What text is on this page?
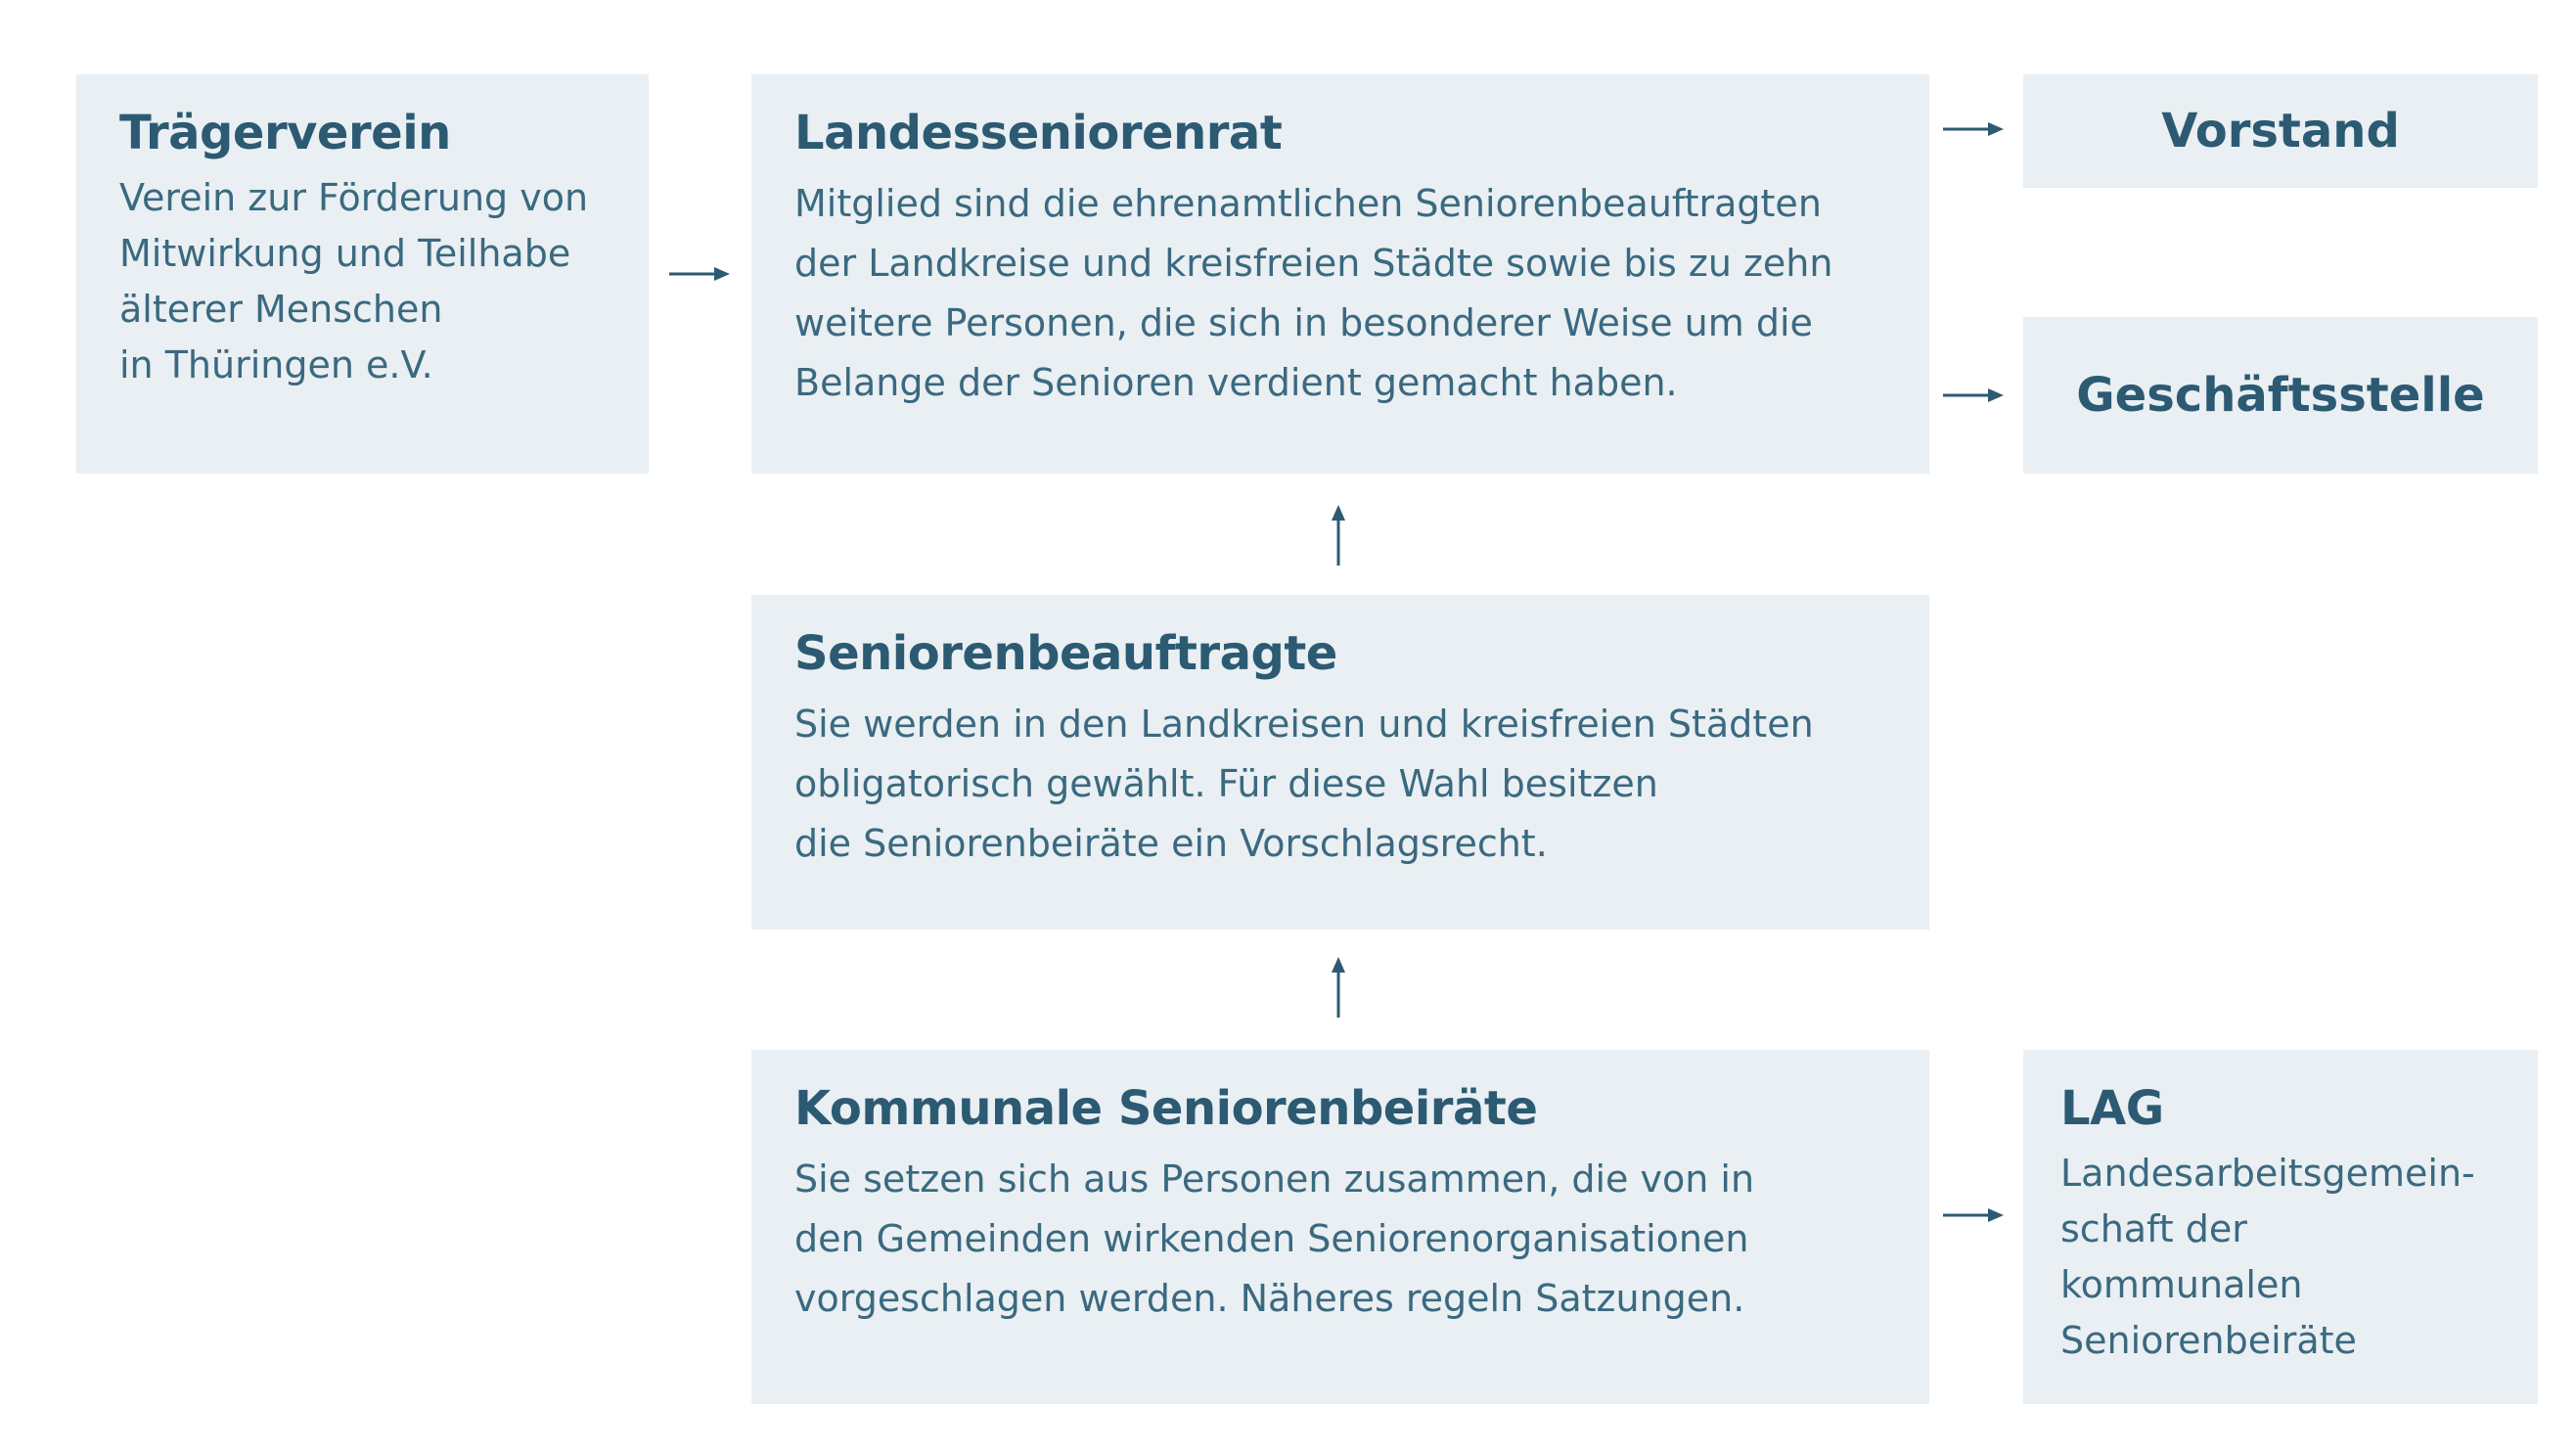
Trägerverein

Verein zur Förderung von
Mitwirkung und Teilhabe
älterer Menschen
in Thüringen e.V.

Landesseniorenrat

Mitglied sind die ehrenamtlichen Seniorenbeauftragten
der Landkreise und kreisfreien Städte sowie bis zu zehn
weitere Personen, die sich in besonderer Weise um die
Belange der Senioren verdient gemacht haben.

Vorstand
Geschäftsstelle
Seniorenbeauftragte

Sie werden in den Landkreisen und kreisfreien Städten
obligatorisch gewählt. Für diese Wahl besitzen
die Seniorenbeiräte ein Vorschlagsrecht.

Kommunale Seniorenbeiräte

Sie setzen sich aus Personen zusammen, die von in
den Gemeinden wirkenden Seniorenorganisationen
vorgeschlagen werden. Näheres regeln Satzungen.

LAG

Landesarbeitsgemein-
schaft der kommunalen
Seniorenbeiräte
